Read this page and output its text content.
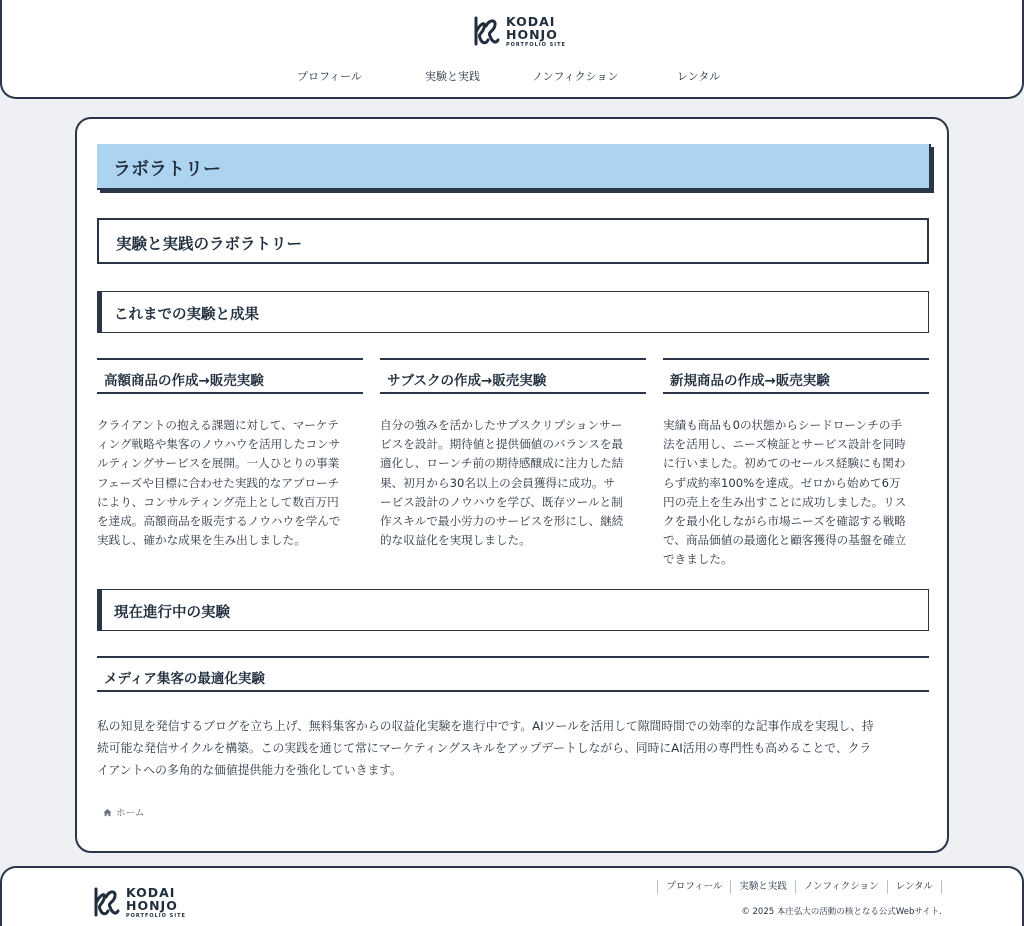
KODAI
HONJO
PORTFOLIO SITE
プロフィール	実験と実践	ノンフィクション	レンタル
ラボラトリー
実験と実践のラボラトリー
これまでの実験と成果
高額商品の作成→販売実験

クライアントの抱える課題に対して、マーケテ

ィング戦略や集客のノウハウを活用したコンサ

ルティングサービスを展開。一人ひとりの事業

フェーズや目標に合わせた実践的なアプローチ

により、コンサルティング売上として数百万円

を達成。高額商品を販売するノウハウを学んで

実践し、確かな成果を生み出しました。

サブスクの作成→販売実験

自分の強みを活かしたサブスクリプションサー

ビスを設計。期待値と提供価値のバランスを最

適化し、ローンチ前の期待感醸成に注力した結

果、初月から30名以上の会員獲得に成功。サ

ービス設計のノウハウを学び、既存ツールと制

作スキルで最小労力のサービスを形にし、継続

的な収益化を実現しました。

新規商品の作成→販売実験

実績も商品も0の状態からシードローンチの手

法を活用し、ニーズ検証とサービス設計を同時

に行いました。初めてのセールス経験にも関わ

らず成約率100%を達成。ゼロから始めて6万

円の売上を生み出すことに成功しました。リス

クを最小化しながら市場ニーズを確認する戦略

で、商品価値の最適化と顧客獲得の基盤を確立

できました。

現在進行中の実験
メディア集客の最適化実験

私の知見を発信するブログを立ち上げ、無料集客からの収益化実験を進行中です。AIツールを活用して隙間時間での効率的な記事作成を実現し、持

続可能な発信サイクルを構築。この実践を通じて常にマーケティングスキルをアップデートしながら、同時にAI活用の専門性も高めることで、クラ

イアントへの多角的な価値提供能力を強化していきます。

ホーム
KODAI
HONJO
PORTFOLIO SITE
プロフィール	実験と実践	ノンフィクション	レンタル
© 2025 本庄弘大の活動の核となる公式Webサイト.
